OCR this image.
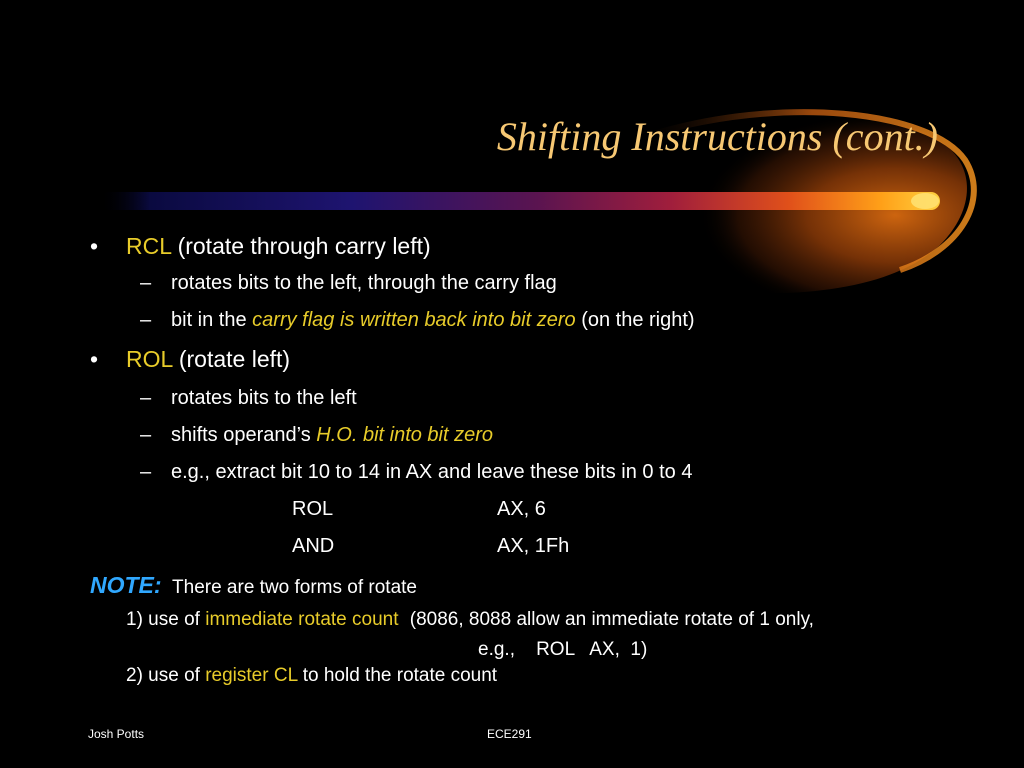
Shifting Instructions (cont.)
• RCL (rotate through carry left)
– rotates bits to the left, through the carry flag
– bit in the carry flag is written back into bit zero (on the right)
• ROL (rotate left)
– rotates bits to the left
– shifts operand’s H.O. bit into bit zero
– e.g., extract bit 10 to 14 in AX and leave these bits in 0 to 4
ROL	AX, 6
AND	AX, 1Fh
NOTE: There are two forms of rotate
1) use of immediate rotate count (8086, 8088 allow an immediate rotate of 1 only,
e.g.,    ROL   AX,  1)
2) use of register CL to hold the rotate count
Josh Potts	ECE291
